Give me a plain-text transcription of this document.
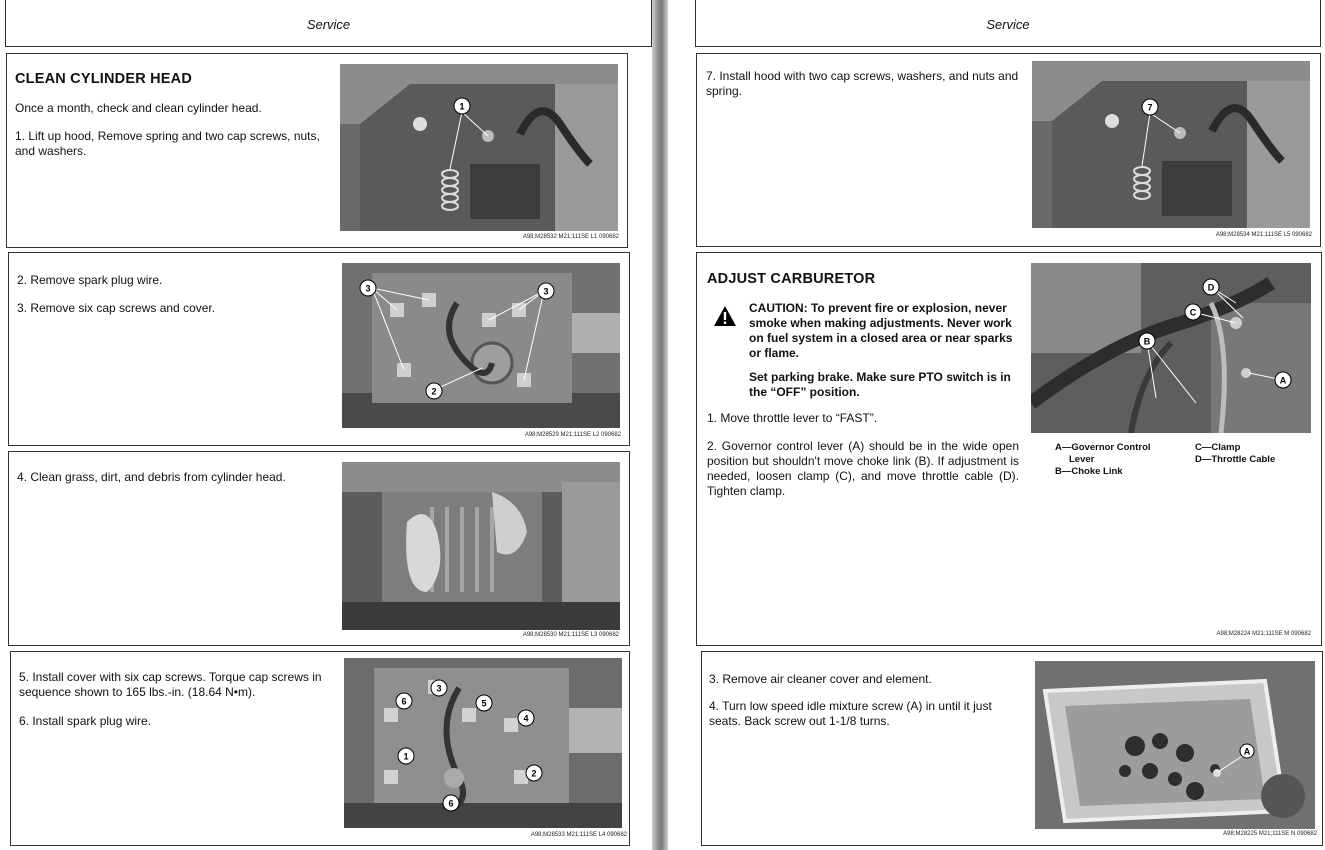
Service
CLEAN CYLINDER HEAD

Once a month, check and clean cylinder head.

1. Lift up hood, Remove spring and two cap screws, nuts, and washers.

1
A98;M28532 M21;111SE L1 090682

2. Remove spark plug wire.

3. Remove six cap screws and cover.

3	3
2
A98;M28529 M21;111SE L2 090682

4. Clean grass, dirt, and debris from cylinder head.

A98;M28530 M21;111SE L3 090682

5. Install cover with six cap screws. Torque cap screws in sequence shown to 165 lbs.-in. (18.64 N•m).

6. Install spark plug wire.

3
6	5
4
1
2
6
A98;M28533 M21;111SE L4 090682
Service

7. Install hood with two cap screws, washers, and nuts and spring.

7
A98;M28534 M21;111SE L5 090682
ADJUST CARBURETOR

CAUTION: To prevent fire or explosion, never smoke when making adjustments. Never work on fuel system in a closed area or near sparks or flame.

Set parking brake. Make sure PTO switch is in the “OFF” position.

1. Move throttle lever to “FAST”.

2. Governor control lever (A) should be in the wide open position but shouldn't move choke link (B). If adjustment is needed, loosen clamp (C), and move throttle cable (D). Tighten clamp.

D
C
B
A
A—Governor Control
Lever
B—Choke Link
C—Clamp
D—Throttle Cable
A98;M28224 M21;111SE M 090682

3. Remove air cleaner cover and element.

4. Turn low speed idle mixture screw (A) in until it just seats. Back screw out 1-1/8 turns.

A
A98;M28225 M21;111SE N 090682
